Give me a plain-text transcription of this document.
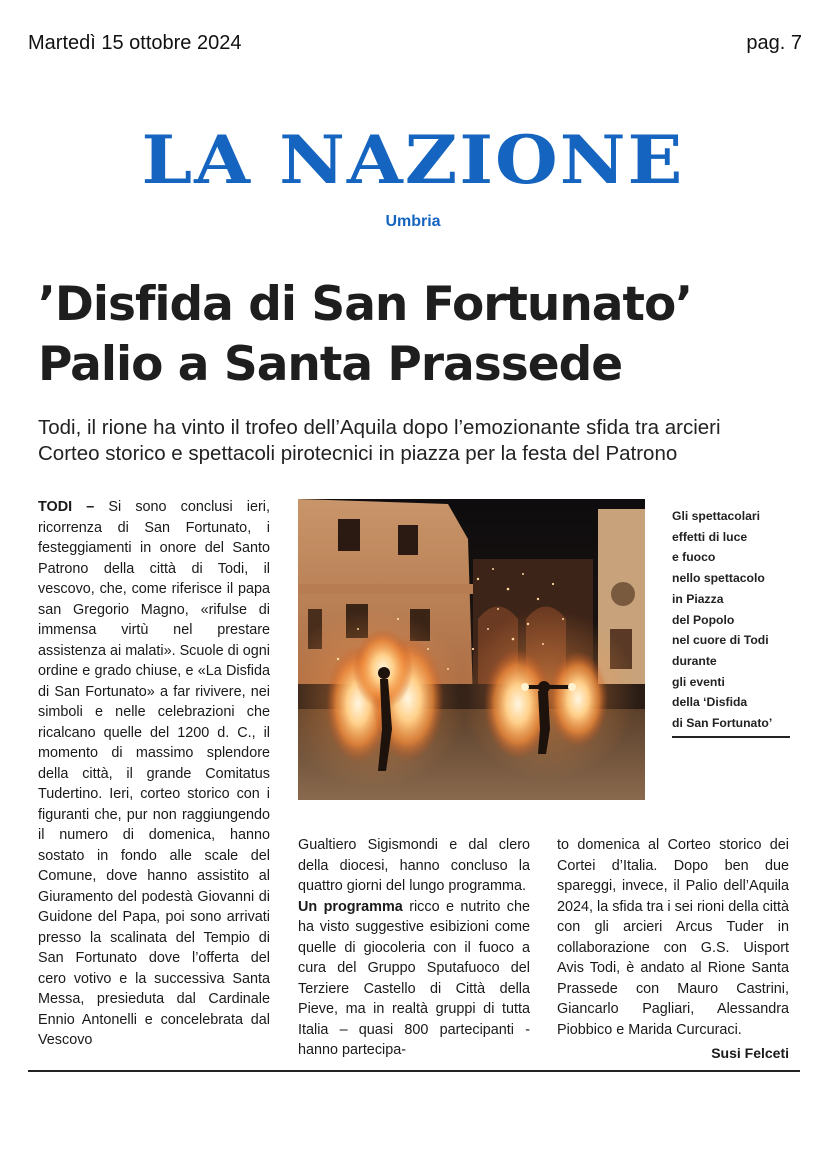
Martedì 15 ottobre 2024	pag. 7
LA NAZIONE
Umbria
’Disfida di San Fortunato’
Palio a Santa Prassede
Todi, il rione ha vinto il trofeo dell’Aquila dopo l’emozionante sfida tra arcieri
Corteo storico e spettacoli pirotecnici in piazza per la festa del Patrono

TODI – Si sono conclusi ieri, ricorrenza di San Fortunato, i festeggiamenti in onore del Santo Patrono della città di Todi, il vescovo, che, come riferisce il papa san Gregorio Magno, «rifulse di immensa virtù nel prestare assistenza ai malati». Scuole di ogni ordine e grado chiuse, e «La Disfida di San Fortunato» a far rivivere, nei simboli e nelle celebrazioni che ricalcano quelle del 1200 d. C., il momento di massimo splendore della città, il grande Comitatus Tudertino. Ieri, corteo storico con i figuranti che, pur non raggiungendo il numero di domenica, hanno sostato in fondo alle scale del Comune, dove hanno assistito al Giuramento del podestà Giovanni di Guidone del Papa, poi sono arrivati presso la scalinata del Tempio di San Fortunato dove l’offerta del cero votivo e la successiva Santa Messa, presieduta dal Cardinale Ennio Antonelli e concelebrata dal Vescovo

Gli spettacolari
effetti di luce
e fuoco
nello spettacolo
in Piazza
del Popolo
nel cuore di Todi
durante
gli eventi
della ‘Disfida
di San Fortunato’

Gualtiero Sigismondi e dal clero della diocesi, hanno concluso la quattro giorni del lungo programma.

Un programma ricco e nutrito che ha visto suggestive esibizioni come quelle di giocoleria con il fuoco a cura del Gruppo Sputafuoco del Terziere Castello di Città della Pieve, ma in realtà gruppi di tutta Italia – quasi 800 partecipanti - hanno partecipa-

to domenica al Corteo storico dei Cortei d’Italia. Dopo ben due spareggi, invece, il Palio dell’Aquila 2024, la sfida tra i sei rioni della città con gli arcieri Arcus Tuder in collaborazione con G.S. Uisport Avis Todi, è andato al Rione Santa Prassede con Mauro Castrini, Giancarlo Pagliari, Alessandra Piobbico e Marida Curcuraci.

Susi Felceti
